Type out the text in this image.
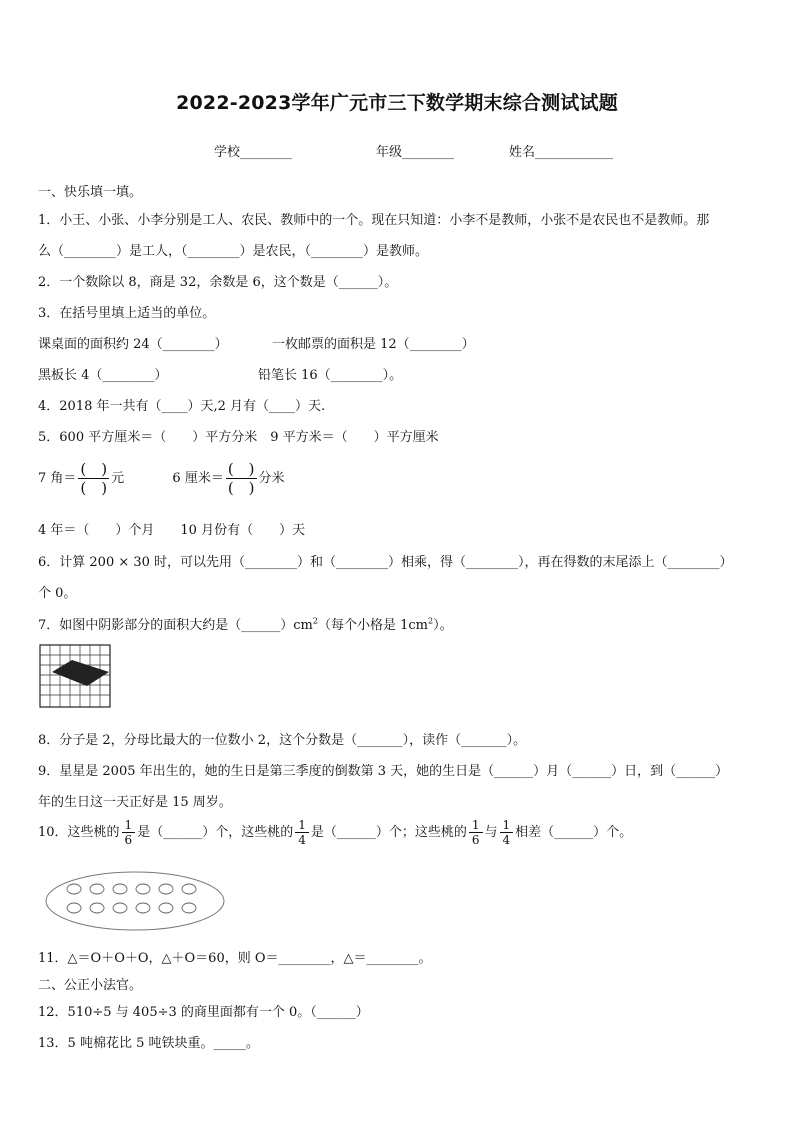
2022-2023学年广元市三下数学期末综合测试试题
学校________	年级________	姓名____________
一、快乐填一填。
1．小王、小张、小李分别是工人、农民、教师中的一个。现在只知道：小李不是教师，小张不是农民也不是教师。那
么（________）是工人，（________）是农民，（________）是教师。
2．一个数除以 8，商是 32，余数是 6，这个数是（______）。
3．在括号里填上适当的单位。
课桌面的面积约 24（________）	一枚邮票的面积是 12（________）
黑板长 4（________）	铅笔长 16（________）。
4．2018 年一共有（____）天,2 月有（____）天.
5．600 平方厘米＝（　　）平方分米　9 平方米＝（　　）平方厘米
7 角＝ $\frac{( )}{( )}$ 元	6 厘米＝ $\frac{( )}{( )}$ 分米
4 年＝（　　）个月　　10 月份有（　　）天
6．计算 200 × 30 时，可以先用（________）和（________）相乘，得（________），再在得数的末尾添上（________）
个 0。
7．如图中阴影部分的面积大约是$(\_\_\_\_\_\_)cm^2$（每个小格是 $1cm^2$）。
8．分子是 2，分母比最大的一位数小 2，这个分数是（_______），读作（_______）。
9．星星是 2005 年出生的，她的生日是第三季度的倒数第 3 天，她的生日是（______）月（______）日，到（______）
年的生日这一天正好是 15 周岁。
10．这些桃的 $\frac{1}{6}$ 是（______）个，这些桃的 $\frac{1}{4}$ 是（______）个；这些桃的 $\frac{1}{6}$ 与 $\frac{1}{4}$ 相差（______）个。
11．△＝O＋O＋O，△＋O＝60，则 O＝________，△＝________。
二、公正小法官。
12．510÷5 与 405÷3 的商里面都有一个 0。（______）
13．5 吨棉花比 5 吨铁块重。_____。
